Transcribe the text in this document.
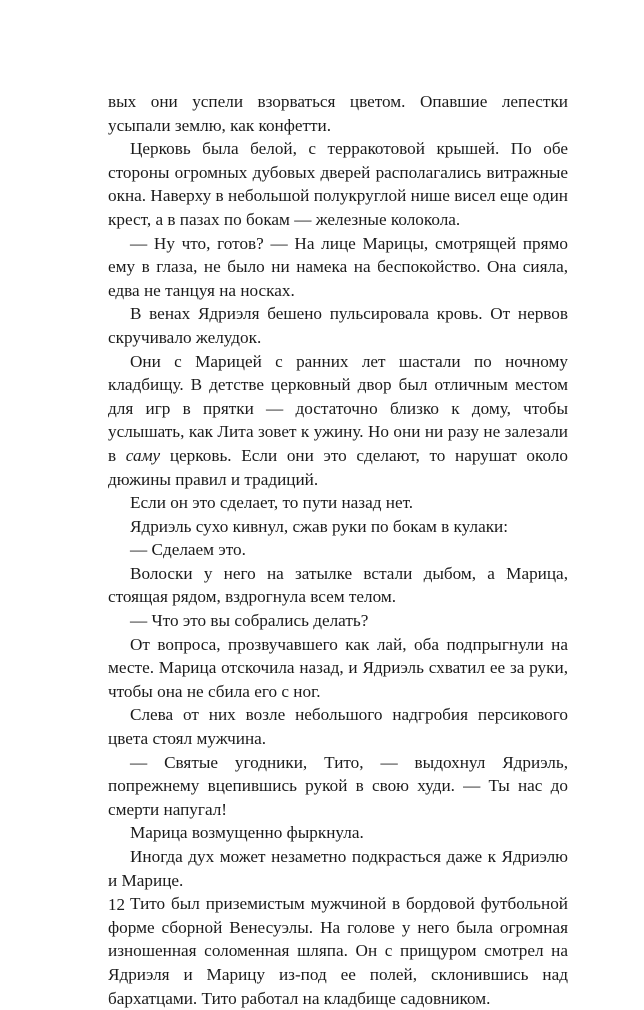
вых они успели взорваться цветом. Опавшие лепестки усыпали землю, как конфетти.

Церковь была белой, с терракотовой крышей. По обе стороны огромных дубовых дверей располагались витражные окна. Наверху в небольшой полукруглой нише висел еще один крест, а в пазах по бокам — железные колокола.

— Ну что, готов? — На лице Марицы, смотрящей прямо ему в глаза, не было ни намека на беспокойство. Она сияла, едва не танцуя на носках.

В венах Ядриэля бешено пульсировала кровь. От нервов скручивало желудок.

Они с Марицей с ранних лет шастали по ночному кладбищу. В детстве церковный двор был отличным местом для игр в прятки — достаточно близко к дому, чтобы услышать, как Лита зовет к ужину. Но они ни разу не залезали в саму церковь. Если они это сделают, то нарушат около дюжины правил и традиций.

Если он это сделает, то пути назад нет.

Ядриэль сухо кивнул, сжав руки по бокам в кулаки:

— Сделаем это.

Волоски у него на затылке встали дыбом, а Марица, стоящая рядом, вздрогнула всем телом.

— Что это вы собрались делать?

От вопроса, прозвучавшего как лай, оба подпрыгнули на месте. Марица отскочила назад, и Ядриэль схватил ее за руки, чтобы она не сбила его с ног.

Слева от них возле небольшого надгробия персикового цвета стоял мужчина.

— Святые угодники, Тито, — выдохнул Ядриэль, попрежнему вцепившись рукой в свою худи. — Ты нас до смерти напугал!

Марица возмущенно фыркнула.

Иногда дух может незаметно подкрасться даже к Ядриэлю и Марице.

Тито был приземистым мужчиной в бордовой футбольной форме сборной Венесуэлы. На голове у него была огромная изношенная соломенная шляпа. Он с прищуром смотрел на Ядриэля и Марицу из-под ее полей, склонившись над бархатцами. Тито работал на кладбище садовником.

12
